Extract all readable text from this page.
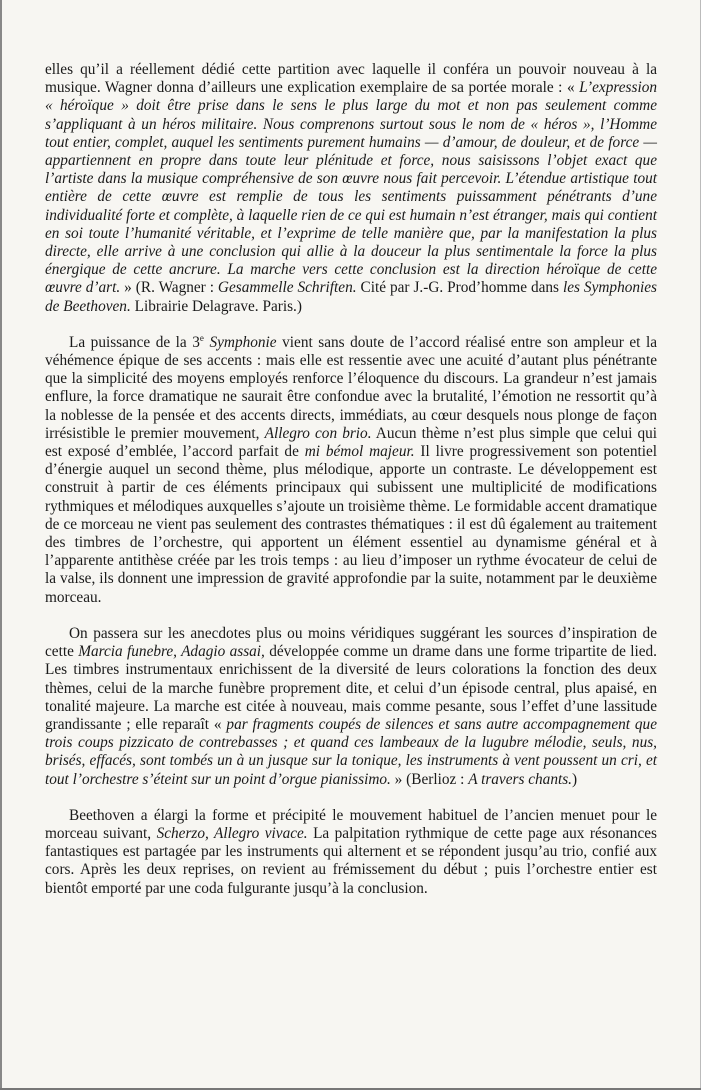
elles qu’il a réellement dédié cette partition avec laquelle il conféra un pouvoir nouveau à la musique. Wagner donna d’ailleurs une explication exemplaire de sa portée morale : « L’expression « héroïque » doit être prise dans le sens le plus large du mot et non pas seulement comme s’appliquant à un héros militaire. Nous comprenons surtout sous le nom de « héros », l’Homme tout entier, complet, auquel les sentiments purement humains — d’amour, de douleur, et de force — appartiennent en propre dans toute leur plénitude et force, nous saisissons l’objet exact que l’artiste dans la musique compréhensive de son œuvre nous fait percevoir. L’étendue artistique tout entière de cette œuvre est remplie de tous les sentiments puissamment pénétrants d’une individualité forte et complète, à laquelle rien de ce qui est humain n’est étranger, mais qui contient en soi toute l’humanité véritable, et l’exprime de telle manière que, par la manifestation la plus directe, elle arrive à une conclusion qui allie à la douceur la plus sentimentale la force la plus énergique de cette ancrure. La marche vers cette conclusion est la direction héroïque de cette œuvre d’art. » (R. Wagner : Gesammelle Schriften. Cité par J.-G. Prod’homme dans les Symphonies de Beethoven. Librairie Delagrave. Paris.)

La puissance de la 3e Symphonie vient sans doute de l’accord réalisé entre son ampleur et la véhémence épique de ses accents : mais elle est ressentie avec une acuité d’autant plus pénétrante que la simplicité des moyens employés renforce l’éloquence du discours. La grandeur n’est jamais enflure, la force dramatique ne saurait être confondue avec la brutalité, l’émotion ne ressortit qu’à la noblesse de la pensée et des accents directs, immédiats, au cœur desquels nous plonge de façon irrésistible le premier mouvement, Allegro con brio. Aucun thème n’est plus simple que celui qui est exposé d’emblée, l’accord parfait de mi bémol majeur. Il livre progressivement son potentiel d’énergie auquel un second thème, plus mélodique, apporte un contraste. Le développement est construit à partir de ces éléments principaux qui subissent une multiplicité de modifications rythmiques et mélodiques auxquelles s’ajoute un troisième thème. Le formidable accent dramatique de ce morceau ne vient pas seulement des contrastes thématiques : il est dû également au traitement des timbres de l’orchestre, qui apportent un élément essentiel au dynamisme général et à l’apparente antithèse créée par les trois temps : au lieu d’imposer un rythme évocateur de celui de la valse, ils donnent une impression de gravité approfondie par la suite, notamment par le deuxième morceau.

On passera sur les anecdotes plus ou moins véridiques suggérant les sources d’inspiration de cette Marcia funebre, Adagio assai, développée comme un drame dans une forme tripartite de lied. Les timbres instrumentaux enrichissent de la diversité de leurs colorations la fonction des deux thèmes, celui de la marche funèbre proprement dite, et celui d’un épisode central, plus apaisé, en tonalité majeure. La marche est citée à nouveau, mais comme pesante, sous l’effet d’une lassitude grandissante ; elle reparaît « par fragments coupés de silences et sans autre accompagnement que trois coups pizzicato de contrebasses ; et quand ces lambeaux de la lugubre mélodie, seuls, nus, brisés, effacés, sont tombés un à un jusque sur la tonique, les instruments à vent poussent un cri, et tout l’orchestre s’éteint sur un point d’orgue pianissimo. » (Berlioz : A travers chants.)

Beethoven a élargi la forme et précipité le mouvement habituel de l’ancien menuet pour le morceau suivant, Scherzo, Allegro vivace. La palpitation rythmique de cette page aux résonances fantastiques est partagée par les instruments qui alternent et se répondent jusqu’au trio, confié aux cors. Après les deux reprises, on revient au frémissement du début ; puis l’orchestre entier est bientôt emporté par une coda fulgurante jusqu’à la conclusion.
